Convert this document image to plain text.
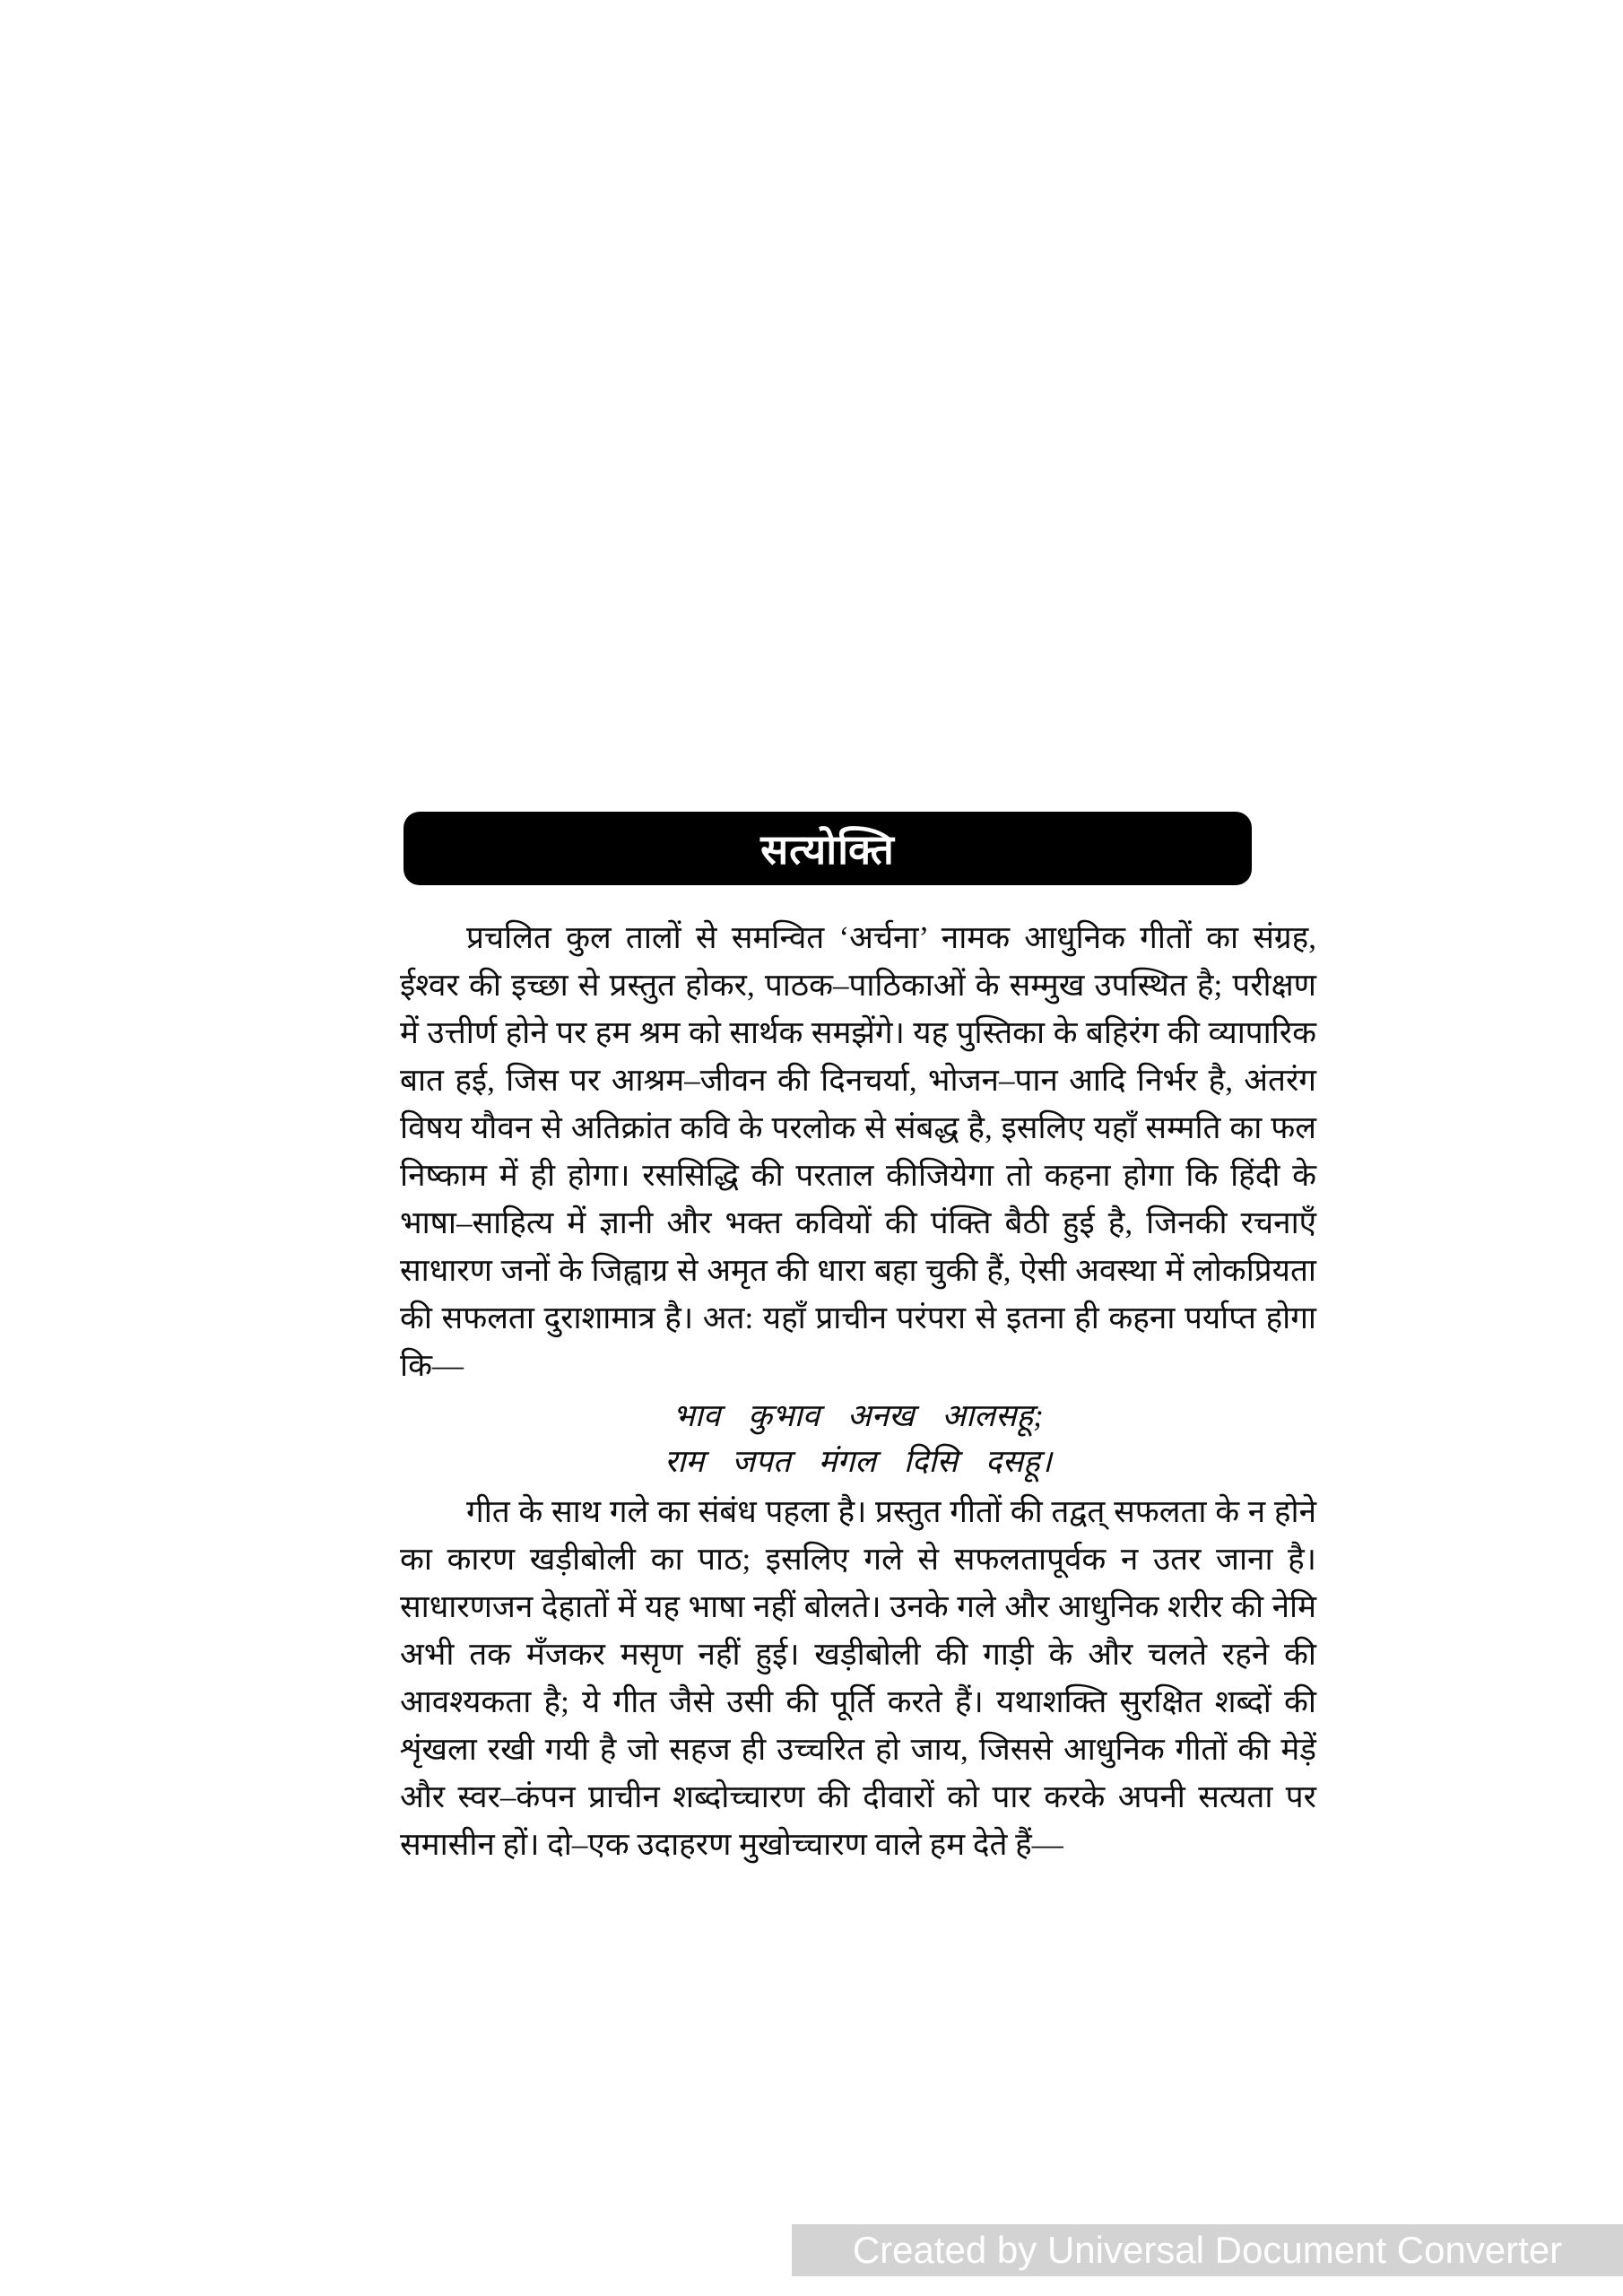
सत्योक्ति

प्रचलित कुल तालों से समन्वित ‘अर्चना’ नामक आधुनिक गीतों का संग्रह, ईश्वर की इच्छा से प्रस्तुत होकर, पाठक–पाठिकाओं के सम्मुख उपस्थित है; परीक्षण में उत्तीर्ण होने पर हम श्रम को सार्थक समझेंगे। यह पुस्तिका के बहिरंग की व्यापारिक बात हई, जिस पर आश्रम–जीवन की दिनचर्या, भोजन–पान आदि निर्भर है, अंतरंग विषय यौवन से अतिक्रांत कवि के परलोक से संबद्ध है, इसलिए यहाँ सम्मति का फल निष्काम में ही होगा। रससिद्धि की परताल कीजियेगा तो कहना होगा कि हिंदी के भाषा–साहित्य में ज्ञानी और भक्त कवियों की पंक्ति बैठी हुई है, जिनकी रचनाएँ साधारण जनों के जिह्वाग्र से अमृत की धारा बहा चुकी हैं, ऐसी अवस्था में लोकप्रियता की सफलता दुराशामात्र है। अत: यहाँ प्राचीन परंपरा से इतना ही कहना पर्याप्त होगा कि—

भाव कुभाव अनख आलसहू;
राम जपत मंगल दिसि दसहू।

गीत के साथ गले का संबंध पहला है। प्रस्तुत गीतों की तद्वत् सफलता के न होने का कारण खड़ीबोली का पाठ; इसलिए गले से सफलतापूर्वक न उतर जाना है। साधारणजन देहातों में यह भाषा नहीं बोलते। उनके गले और आधुनिक शरीर की नेमि अभी तक मँजकर मसृण नहीं हुई। खड़ीबोली की गाड़ी के और चलते रहने की आवश्यकता है; ये गीत जैसे उसी की पूर्ति करते हैं। यथाशक्ति सुरक्षित शब्दों की शृंखला रखी गयी है जो सहज ही उच्चरित हो जाय, जिससे आधुनिक गीतों की मेड़ें और स्वर–कंपन प्राचीन शब्दोच्चारण की दीवारों को पार करके अपनी सत्यता पर समासीन हों। दो–एक उदाहरण मुखोच्चारण वाले हम देते हैं—

Created by Universal Document Converter
